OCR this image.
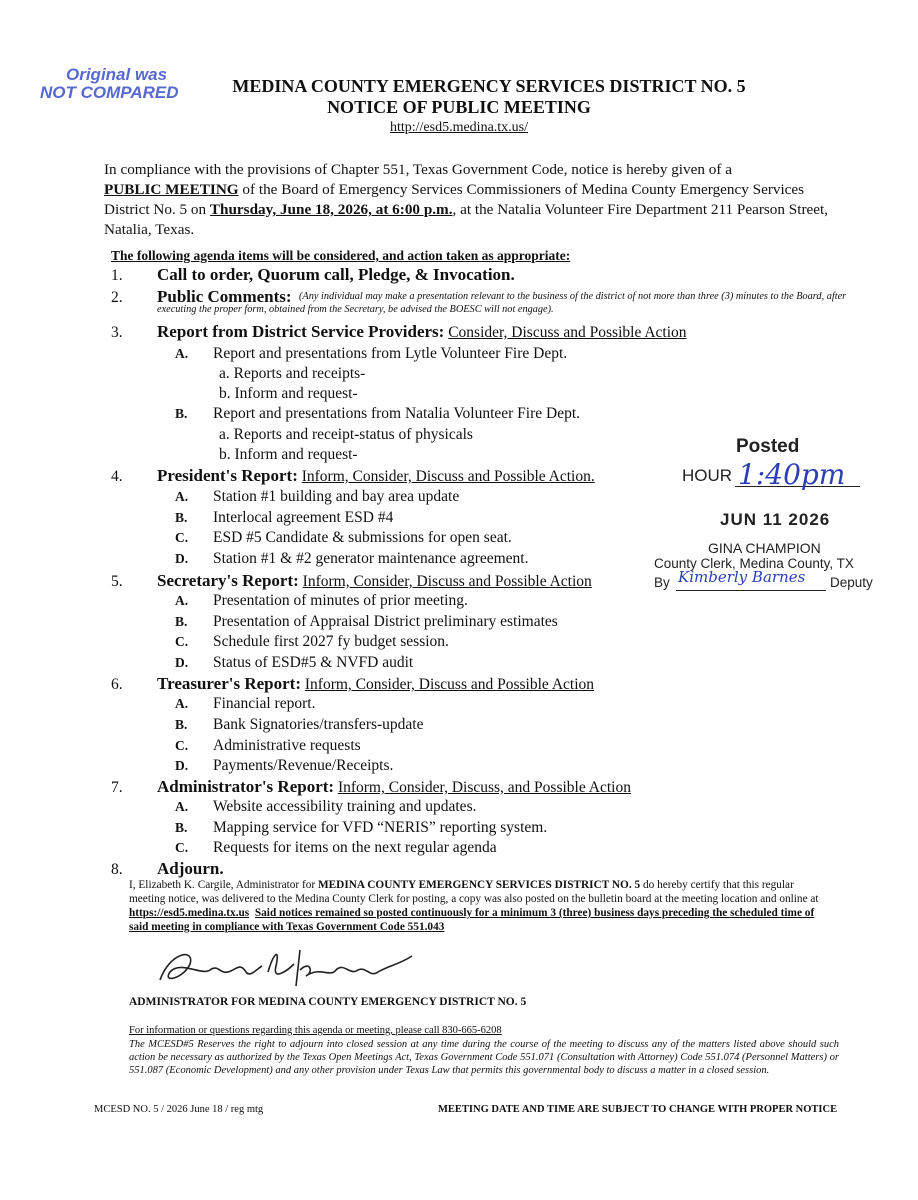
Original was
NOT COMPARED	MEDINA COUNTY EMERGENCY SERVICES DISTRICT NO. 5
NOTICE OF PUBLIC MEETING
http://esd5.medina.tx.us/
In compliance with the provisions of Chapter 551, Texas Government Code, notice is hereby given of a
PUBLIC MEETING of the Board of Emergency Services Commissioners of Medina County Emergency Services District No. 5 on Thursday, June 18, 2026, at 6:00 p.m., at the Natalia Volunteer Fire Department 211 Pearson Street, Natalia, Texas.
The following agenda items will be considered, and action taken as appropriate:
1. Call to order, Quorum call, Pledge, & Invocation.
2. Public Comments: (Any individual may make a presentation relevant to the business of the district of not more than three (3) minutes to the Board, after executing the proper form, obtained from the Secretary, be advised the BOESC will not engage).
3. Report from District Service Providers: Consider, Discuss and Possible Action
A. Report and presentations from Lytle Volunteer Fire Dept.
a. Reports and receipts-
b. Inform and request-
B. Report and presentations from Natalia Volunteer Fire Dept.
a. Reports and receipt-status of physicals
b. Inform and request-
4. President's Report: Inform, Consider, Discuss and Possible Action.
A. Station #1 building and bay area update
B. Interlocal agreement ESD #4
C. ESD #5 Candidate & submissions for open seat.
D. Station #1 & #2 generator maintenance agreement.
5. Secretary's Report: Inform, Consider, Discuss and Possible Action
A. Presentation of minutes of prior meeting.
B. Presentation of Appraisal District preliminary estimates
C. Schedule first 2027 fy budget session.
D. Status of ESD#5 & NVFD audit
6. Treasurer's Report: Inform, Consider, Discuss and Possible Action
A. Financial report.
B. Bank Signatories/transfers-update
C. Administrative requests
D. Payments/Revenue/Receipts.
7. Administrator's Report: Inform, Consider, Discuss, and Possible Action
A. Website accessibility training and updates.
B. Mapping service for VFD “NERIS” reporting system.
C. Requests for items on the next regular agenda
8. Adjourn.
I, Elizabeth K. Cargile, Administrator for MEDINA COUNTY EMERGENCY SERVICES DISTRICT NO. 5 do hereby certify that this regular meeting notice, was delivered to the Medina County Clerk for posting, a copy was also posted on the bulletin board at the meeting location and online at https://esd5.medina.tx.us Said notices remained so posted continuously for a minimum 3 (three) business days preceding the scheduled time of said meeting in compliance with Texas Government Code 551.043
ADMINISTRATOR FOR MEDINA COUNTY EMERGENCY DISTRICT NO. 5
For information or questions regarding this agenda or meeting, please call 830-665-6208
The MCESD#5 Reserves the right to adjourn into closed session at any time during the course of the meeting to discuss any of the matters listed above should such action be necessary as authorized by the Texas Open Meetings Act, Texas Government Code 551.071 (Consultation with Attorney) Code 551.074 (Personnel Matters) or 551.087 (Economic Development) and any other provision under Texas Law that permits this governmental body to discuss a matter in a closed session.
MCESD NO. 5 / 2026 June 18 / reg mtg	MEETING DATE AND TIME ARE SUBJECT TO CHANGE WITH PROPER NOTICE
Posted
HOUR 1:40pm
JUN 11 2026
GINA CHAMPION
County Clerk, Medina County, TX
By Kimberly Barnes Deputy
